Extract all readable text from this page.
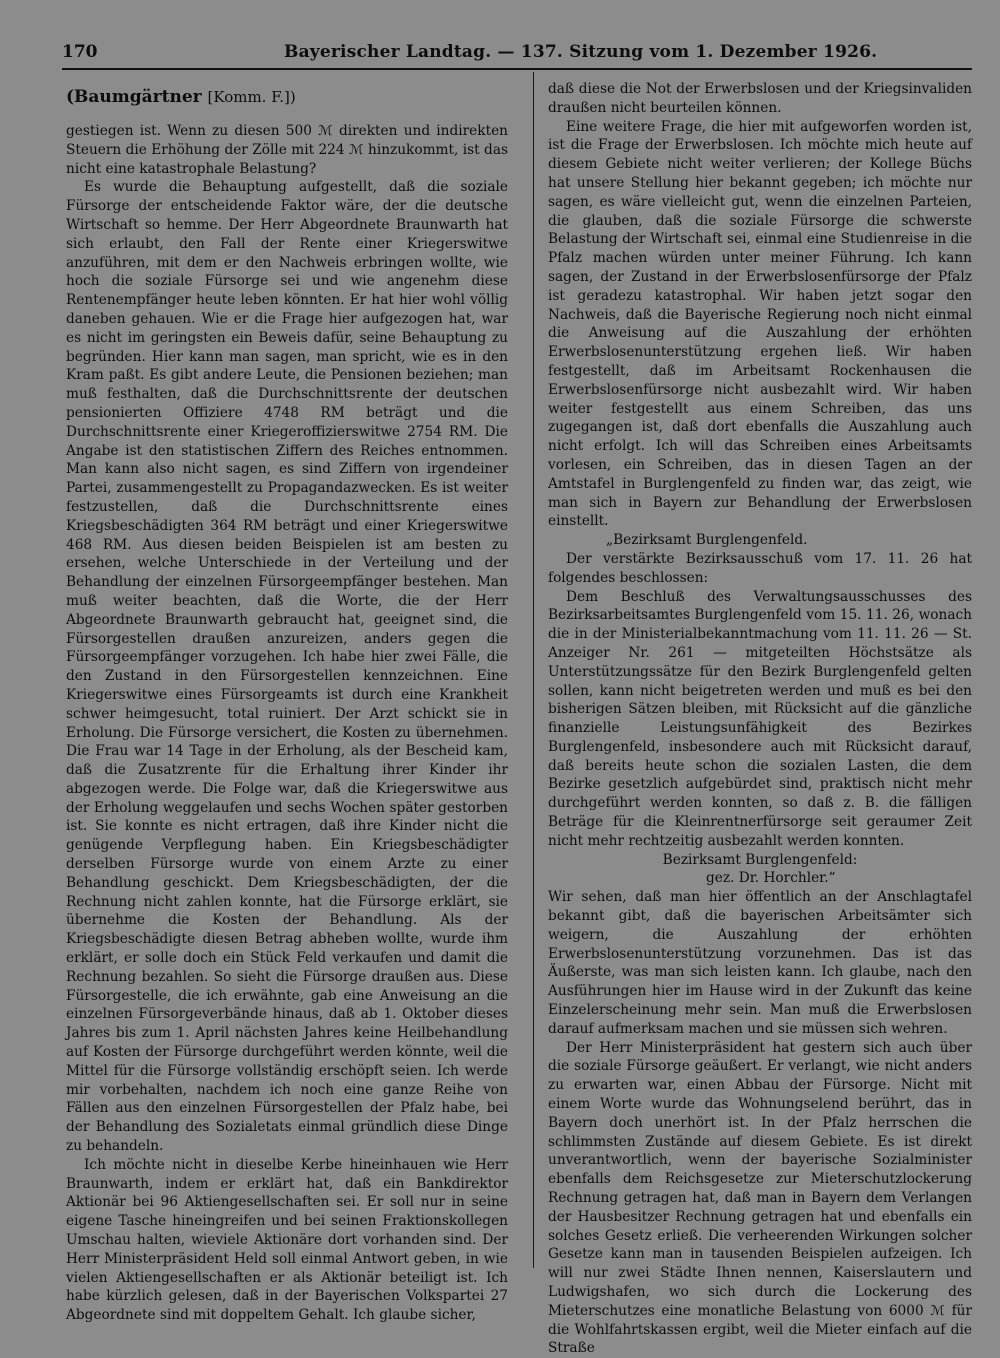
170	Bayerischer Landtag. — 137. Sitzung vom 1. Dezember 1926.
(Baumgärtner [Komm. F.])

gestiegen ist. Wenn zu diesen 500 ℳ direkten und indirekten Steuern die Erhöhung der Zölle mit 224 ℳ hinzukommt, ist das nicht eine katastrophale Belastung?

Es wurde die Behauptung aufgestellt, daß die soziale Fürsorge der entscheidende Faktor wäre, der die deutsche Wirtschaft so hemme. Der Herr Abgeordnete Braunwarth hat sich erlaubt, den Fall der Rente einer Kriegerswitwe anzuführen, mit dem er den Nachweis erbringen wollte, wie hoch die soziale Fürsorge sei und wie angenehm diese Rentenempfänger heute leben könnten. Er hat hier wohl völlig daneben gehauen. Wie er die Frage hier aufgezogen hat, war es nicht im geringsten ein Beweis dafür, seine Behauptung zu begründen. Hier kann man sagen, man spricht, wie es in den Kram paßt. Es gibt andere Leute, die Pensionen beziehen; man muß festhalten, daß die Durchschnittsrente der deutschen pensionierten Offiziere 4748 RM beträgt und die Durchschnittsrente einer Kriegeroffizierswitwe 2754 RM. Die Angabe ist den statistischen Ziffern des Reiches entnommen. Man kann also nicht sagen, es sind Ziffern von irgendeiner Partei, zusammengestellt zu Propagandazwecken. Es ist weiter festzustellen, daß die Durchschnittsrente eines Kriegsbeschädigten 364 RM beträgt und einer Kriegerswitwe 468 RM. Aus diesen beiden Beispielen ist am besten zu ersehen, welche Unterschiede in der Verteilung und der Behandlung der einzelnen Fürsorgeempfänger bestehen. Man muß weiter beachten, daß die Worte, die der Herr Abgeordnete Braunwarth gebraucht hat, geeignet sind, die Fürsorgestellen draußen anzureizen, anders gegen die Fürsorgeempfänger vorzugehen. Ich habe hier zwei Fälle, die den Zustand in den Fürsorgestellen kennzeichnen. Eine Kriegerswitwe eines Fürsorgeamts ist durch eine Krankheit schwer heimgesucht, total ruiniert. Der Arzt schickt sie in Erholung. Die Fürsorge versichert, die Kosten zu übernehmen. Die Frau war 14 Tage in der Erholung, als der Bescheid kam, daß die Zusatzrente für die Erhaltung ihrer Kinder ihr abgezogen werde. Die Folge war, daß die Kriegerswitwe aus der Erholung weggelaufen und sechs Wochen später gestorben ist. Sie konnte es nicht ertragen, daß ihre Kinder nicht die genügende Verpflegung haben. Ein Kriegsbeschädigter derselben Fürsorge wurde von einem Arzte zu einer Behandlung geschickt. Dem Kriegsbeschädigten, der die Rechnung nicht zahlen konnte, hat die Fürsorge erklärt, sie übernehme die Kosten der Behandlung. Als der Kriegsbeschädigte diesen Betrag abheben wollte, wurde ihm erklärt, er solle doch ein Stück Feld verkaufen und damit die Rechnung bezahlen. So sieht die Fürsorge draußen aus. Diese Fürsorgestelle, die ich erwähnte, gab eine Anweisung an die einzelnen Fürsorgeverbände hinaus, daß ab 1. Oktober dieses Jahres bis zum 1. April nächsten Jahres keine Heilbehandlung auf Kosten der Fürsorge durchgeführt werden könnte, weil die Mittel für die Fürsorge vollständig erschöpft seien. Ich werde mir vorbehalten, nachdem ich noch eine ganze Reihe von Fällen aus den einzelnen Fürsorgestellen der Pfalz habe, bei der Behandlung des Sozialetats einmal gründlich diese Dinge zu behandeln.

Ich möchte nicht in dieselbe Kerbe hineinhauen wie Herr Braunwarth, indem er erklärt hat, daß ein Bankdirektor Aktionär bei 96 Aktiengesellschaften sei. Er soll nur in seine eigene Tasche hineingreifen und bei seinen Fraktionskollegen Umschau halten, wieviele Aktionäre dort vorhanden sind. Der Herr Ministerpräsident Held soll einmal Antwort geben, in wie vielen Aktiengesellschaften er als Aktionär beteiligt ist. Ich habe kürzlich gelesen, daß in der Bayerischen Volkspartei 27 Abgeordnete sind mit doppeltem Gehalt. Ich glaube sicher,

daß diese die Not der Erwerbslosen und der Kriegsinvaliden draußen nicht beurteilen können.

Eine weitere Frage, die hier mit aufgeworfen worden ist, ist die Frage der Erwerbslosen. Ich möchte mich heute auf diesem Gebiete nicht weiter verlieren; der Kollege Büchs hat unsere Stellung hier bekannt gegeben; ich möchte nur sagen, es wäre vielleicht gut, wenn die einzelnen Parteien, die glauben, daß die soziale Fürsorge die schwerste Belastung der Wirtschaft sei, einmal eine Studienreise in die Pfalz machen würden unter meiner Führung. Ich kann sagen, der Zustand in der Erwerbslosenfürsorge der Pfalz ist geradezu katastrophal. Wir haben jetzt sogar den Nachweis, daß die Bayerische Regierung noch nicht einmal die Anweisung auf die Auszahlung der erhöhten Erwerbslosenunterstützung ergehen ließ. Wir haben festgestellt, daß im Arbeitsamt Rockenhausen die Erwerbslosenfürsorge nicht ausbezahlt wird. Wir haben weiter festgestellt aus einem Schreiben, das uns zugegangen ist, daß dort ebenfalls die Auszahlung auch nicht erfolgt. Ich will das Schreiben eines Arbeitsamts vorlesen, ein Schreiben, das in diesen Tagen an der Amtstafel in Burglengenfeld zu finden war, das zeigt, wie man sich in Bayern zur Behandlung der Erwerbslosen einstellt.

„Bezirksamt Burglengenfeld.

Der verstärkte Bezirksausschuß vom 17. 11. 26 hat folgendes beschlossen:

Dem Beschluß des Verwaltungsausschusses des Bezirksarbeitsamtes Burglengenfeld vom 15. 11. 26, wonach die in der Ministerialbekanntmachung vom 11. 11. 26 — St. Anzeiger Nr. 261 — mitgeteilten Höchstsätze als Unterstützungssätze für den Bezirk Burglengenfeld gelten sollen, kann nicht beigetreten werden und muß es bei den bisherigen Sätzen bleiben, mit Rücksicht auf die gänzliche finanzielle Leistungsunfähigkeit des Bezirkes Burglengenfeld, insbesondere auch mit Rücksicht darauf, daß bereits heute schon die sozialen Lasten, die dem Bezirke gesetzlich aufgebürdet sind, praktisch nicht mehr durchgeführt werden konnten, so daß z. B. die fälligen Beträge für die Kleinrentnerfürsorge seit geraumer Zeit nicht mehr rechtzeitig ausbezahlt werden konnten.

Bezirksamt Burglengenfeld:

gez. Dr. Horchler.“

Wir sehen, daß man hier öffentlich an der Anschlagtafel bekannt gibt, daß die bayerischen Arbeitsämter sich weigern, die Auszahlung der erhöhten Erwerbslosenunterstützung vorzunehmen. Das ist das Äußerste, was man sich leisten kann. Ich glaube, nach den Ausführungen hier im Hause wird in der Zukunft das keine Einzelerscheinung mehr sein. Man muß die Erwerbslosen darauf aufmerksam machen und sie müssen sich wehren.

Der Herr Ministerpräsident hat gestern sich auch über die soziale Fürsorge geäußert. Er verlangt, wie nicht anders zu erwarten war, einen Abbau der Fürsorge. Nicht mit einem Worte wurde das Wohnungselend berührt, das in Bayern doch unerhört ist. In der Pfalz herrschen die schlimmsten Zustände auf diesem Gebiete. Es ist direkt unverantwortlich, wenn der bayerische Sozialminister ebenfalls dem Reichsgesetze zur Mieterschutzlockerung Rechnung getragen hat, daß man in Bayern dem Verlangen der Hausbesitzer Rechnung getragen hat und ebenfalls ein solches Gesetz erließ. Die verheerenden Wirkungen solcher Gesetze kann man in tausenden Beispielen aufzeigen. Ich will nur zwei Städte Ihnen nennen, Kaiserslautern und Ludwigshafen, wo sich durch die Lockerung des Mieterschutzes eine monatliche Belastung von 6000 ℳ für die Wohlfahrtskassen ergibt, weil die Mieter einfach auf die Straße
